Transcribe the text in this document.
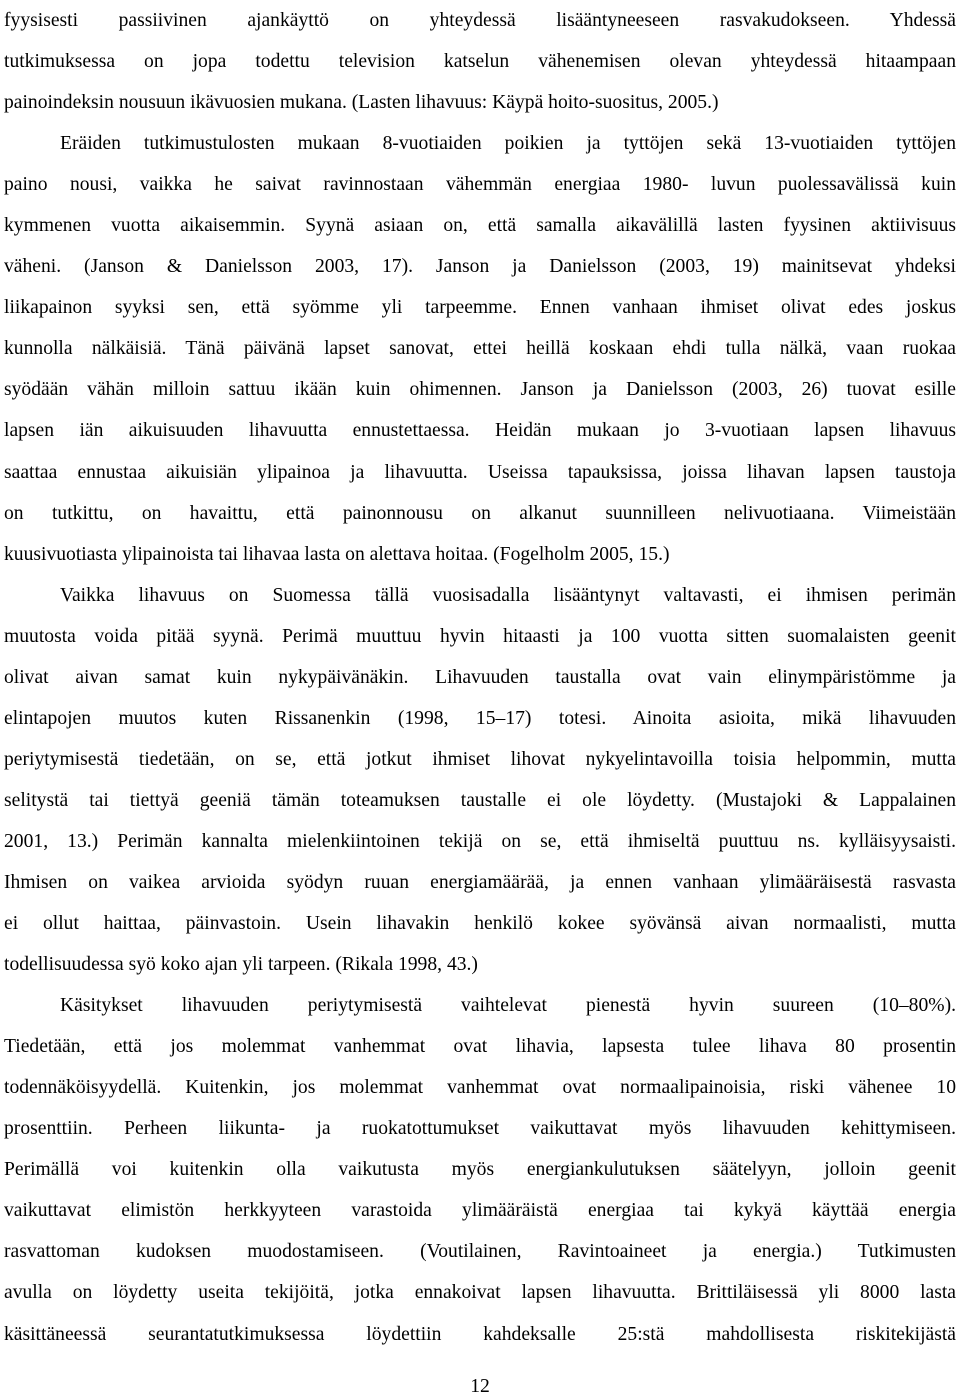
fyysisesti passiivinen ajankäyttö on yhteydessä lisääntyneeseen rasvakudokseen. Yhdessä
tutkimuksessa on jopa todettu television katselun vähenemisen olevan yhteydessä hitaampaan
painoindeksin nousuun ikävuosien mukana. (Lasten lihavuus: Käypä hoito-suositus, 2005.)
Eräiden tutkimustulosten mukaan 8-vuotiaiden poikien ja tyttöjen sekä 13-vuotiaiden tyttöjen
paino nousi, vaikka he saivat ravinnostaan vähemmän energiaa 1980- luvun puolessavälissä kuin
kymmenen vuotta aikaisemmin. Syynä asiaan on, että samalla aikavälillä lasten fyysinen aktiivisuus
väheni. (Janson & Danielsson 2003, 17). Janson ja Danielsson (2003, 19) mainitsevat yhdeksi
liikapainon syyksi sen, että syömme yli tarpeemme. Ennen vanhaan ihmiset olivat edes joskus
kunnolla nälkäisiä. Tänä päivänä lapset sanovat, ettei heillä koskaan ehdi tulla nälkä, vaan ruokaa
syödään vähän milloin sattuu ikään kuin ohimennen. Janson ja Danielsson (2003, 26) tuovat esille
lapsen iän aikuisuuden lihavuutta ennustettaessa. Heidän mukaan jo 3-vuotiaan lapsen lihavuus
saattaa ennustaa aikuisiän ylipainoa ja lihavuutta. Useissa tapauksissa, joissa lihavan lapsen taustoja
on tutkittu, on havaittu, että painonnousu on alkanut suunnilleen nelivuotiaana. Viimeistään
kuusivuotiasta ylipainoista tai lihavaa lasta on alettava hoitaa. (Fogelholm 2005, 15.)
Vaikka lihavuus on Suomessa tällä vuosisadalla lisääntynyt valtavasti, ei ihmisen perimän
muutosta voida pitää syynä. Perimä muuttuu hyvin hitaasti ja 100 vuotta sitten suomalaisten geenit
olivat aivan samat kuin nykypäivänäkin. Lihavuuden taustalla ovat vain elinympäristömme ja
elintapojen muutos kuten Rissanenkin (1998, 15–17) totesi. Ainoita asioita, mikä lihavuuden
periytymisestä tiedetään, on se, että jotkut ihmiset lihovat nykyelintavoilla toisia helpommin, mutta
selitystä tai tiettyä geeniä tämän toteamuksen taustalle ei ole löydetty. (Mustajoki & Lappalainen
2001, 13.) Perimän kannalta mielenkiintoinen tekijä on se, että ihmiseltä puuttuu ns. kylläisyysaisti.
Ihmisen on vaikea arvioida syödyn ruuan energiamäärää, ja ennen vanhaan ylimääräisestä rasvasta
ei ollut haittaa, päinvastoin. Usein lihavakin henkilö kokee syövänsä aivan normaalisti, mutta
todellisuudessa syö koko ajan yli tarpeen. (Rikala 1998, 43.)
Käsitykset lihavuuden periytymisestä vaihtelevat pienestä hyvin suureen (10–80%).
Tiedetään, että jos molemmat vanhemmat ovat lihavia, lapsesta tulee lihava 80 prosentin
todennäköisyydellä. Kuitenkin, jos molemmat vanhemmat ovat normaalipainoisia, riski vähenee 10
prosenttiin. Perheen liikunta- ja ruokatottumukset vaikuttavat myös lihavuuden kehittymiseen.
Perimällä voi kuitenkin olla vaikutusta myös energiankulutuksen säätelyyn, jolloin geenit
vaikuttavat elimistön herkkyyteen varastoida ylimääräistä energiaa tai kykyä käyttää energia
rasvattoman kudoksen muodostamiseen. (Voutilainen, Ravintoaineet ja energia.) Tutkimusten
avulla on löydetty useita tekijöitä, jotka ennakoivat lapsen lihavuutta. Brittiläisessä yli 8000 lasta
käsittäneessä seurantatutkimuksessa löydettiin kahdeksalle 25:stä mahdollisesta riskitekijästä
12
